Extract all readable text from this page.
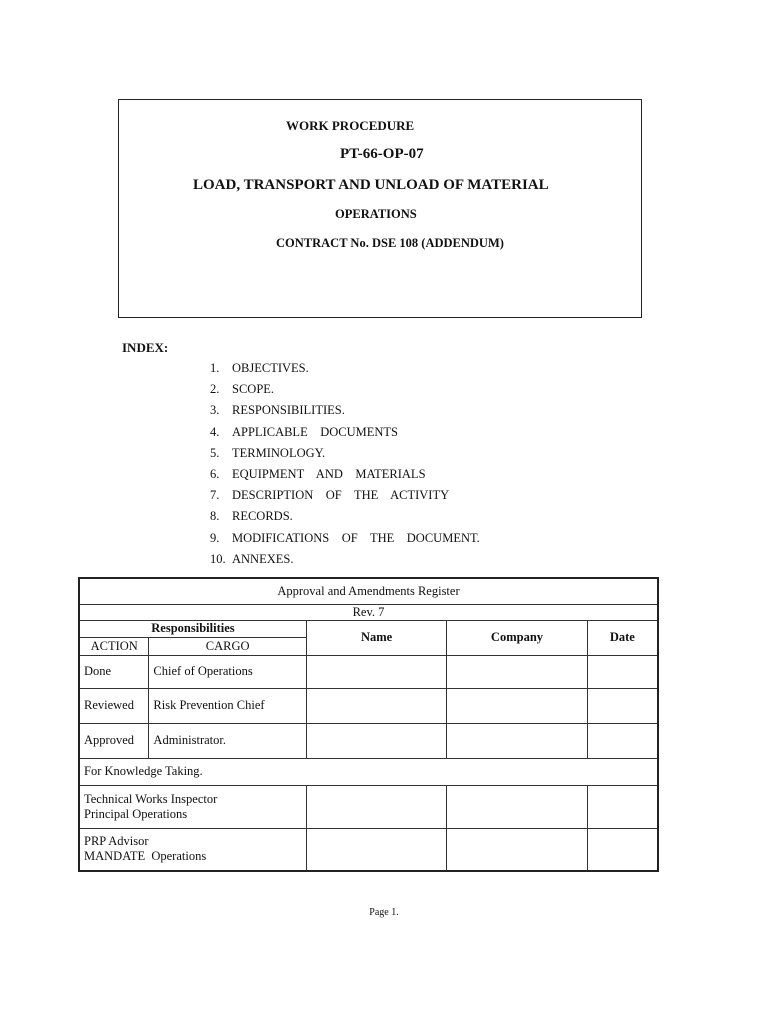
WORK PROCEDURE
PT-66-OP-07
LOAD, TRANSPORT AND UNLOAD OF MATERIAL
OPERATIONS
CONTRACT No. DSE 108 (ADDENDUM)
INDEX:
1. OBJECTIVES.
2. SCOPE.
3. RESPONSIBILITIES.
4. APPLICABLE    DOCUMENTS
5. TERMINOLOGY.
6. EQUIPMENT    AND    MATERIALS
7. DESCRIPTION    OF    THE    ACTIVITY
8. RECORDS.
9. MODIFICATIONS    OF    THE    DOCUMENT.
10. ANNEXES.
Approval and Amendments Register				
Rev. 7				
Responsibilities		Name	Company	Date
ACTION	CARGO			
Done	Chief of Operations			
Reviewed	Risk Prevention Chief			
Approved	Administrator.			
For Knowledge Taking.				

Technical Works Inspector
Principal Operations				

PRP Advisor
MANDATE  Operations				

Page 1.
